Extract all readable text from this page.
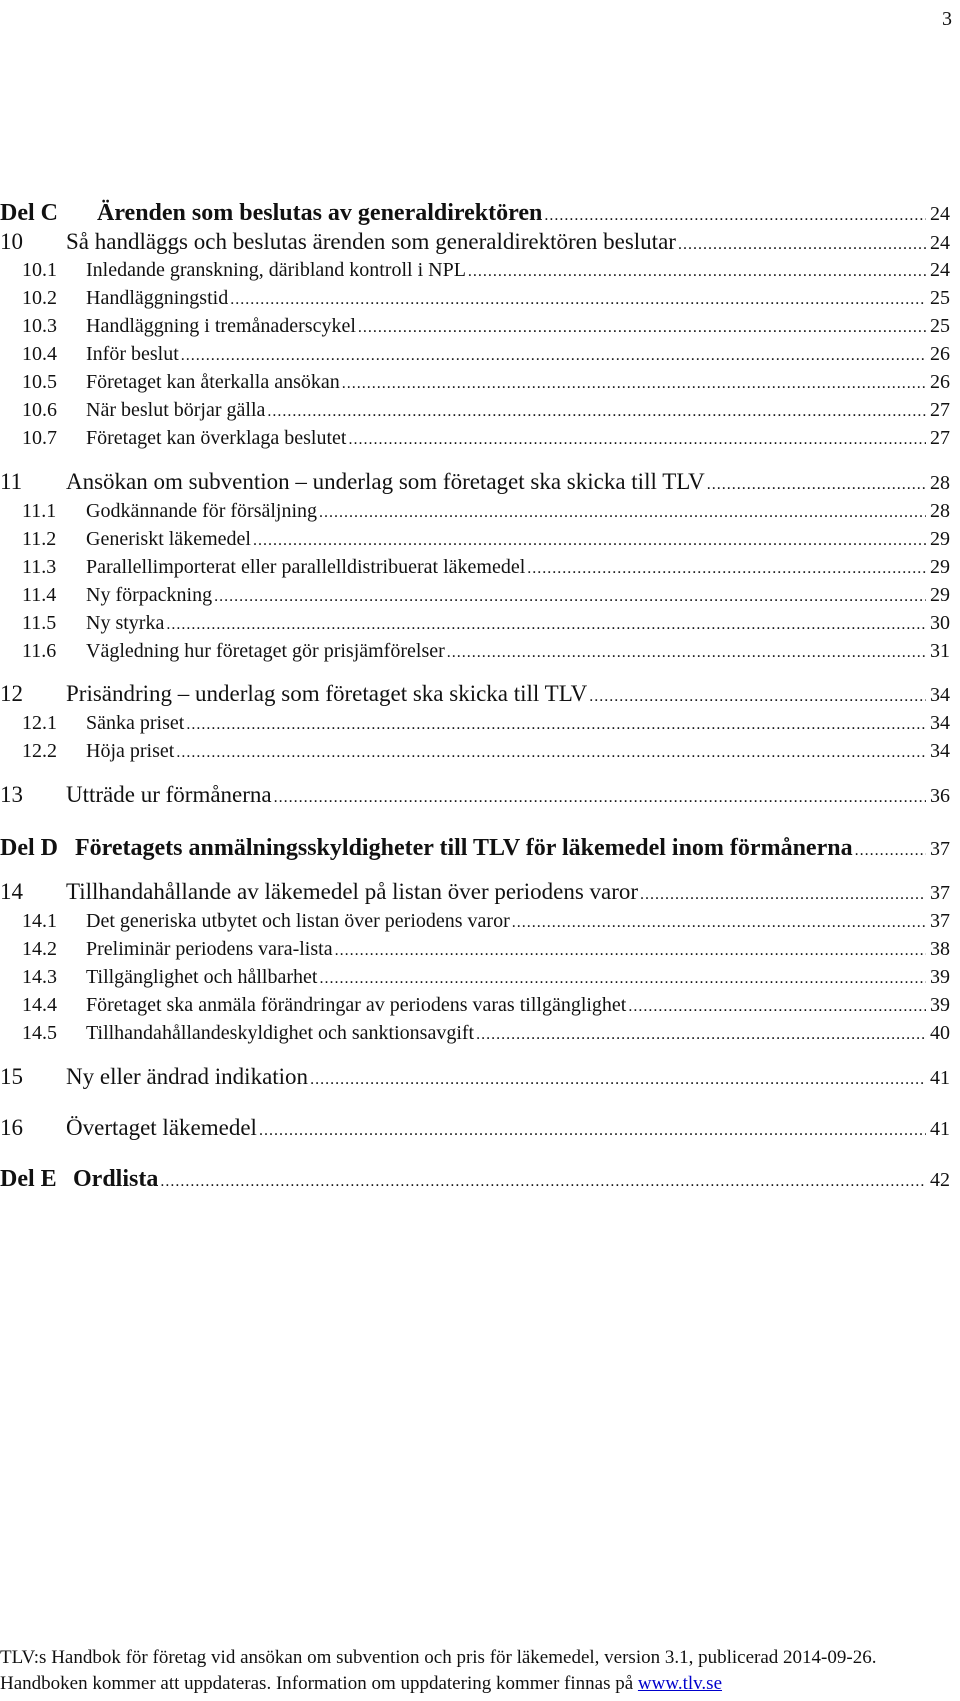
3
Del C	Ärenden som beslutas av generaldirektören .....	24
10	Så handläggs och beslutas ärenden som generaldirektören beslutar .....	24
10.1	Inledande granskning, däribland kontroll i NPL .....	24
10.2	Handläggningstid .....	25
10.3	Handläggning i tremånaderscykel .....	25
10.4	Inför beslut .....	26
10.5	Företaget kan återkalla ansökan .....	26
10.6	När beslut börjar gälla .....	27
10.7	Företaget kan överklaga beslutet .....	27
11	Ansökan om subvention – underlag som företaget ska skicka till TLV .....	28
11.1	Godkännande för försäljning .....	28
11.2	Generiskt läkemedel .....	29
11.3	Parallellimporterat eller parallelldistribuerat läkemedel .....	29
11.4	Ny förpackning .....	29
11.5	Ny styrka .....	30
11.6	Vägledning hur företaget gör prisjämförelser .....	31
12	Prisändring – underlag som företaget ska skicka till TLV .....	34
12.1	Sänka priset .....	34
12.2	Höja priset .....	34
13	Utträde ur förmånerna .....	36
Del D Företagets anmälningsskyldigheter till TLV för läkemedel inom förmånerna .....	37
14	Tillhandahållande av läkemedel på listan över periodens varor .....	37
14.1	Det generiska utbytet och listan över periodens varor .....	37
14.2	Preliminär periodens vara-lista .....	38
14.3	Tillgänglighet och hållbarhet .....	39
14.4	Företaget ska anmäla förändringar av periodens varas tillgänglighet .....	39
14.5	Tillhandahållandeskyldighet och sanktionsavgift .....	40
15	Ny eller ändrad indikation .....	41
16	Övertaget läkemedel .....	41
Del E Ordlista .....	42
TLV:s Handbok för företag vid ansökan om subvention och pris för läkemedel, version 3.1, publicerad 2014-09-26.
Handboken kommer att uppdateras. Information om uppdatering kommer finnas på www.tlv.se
